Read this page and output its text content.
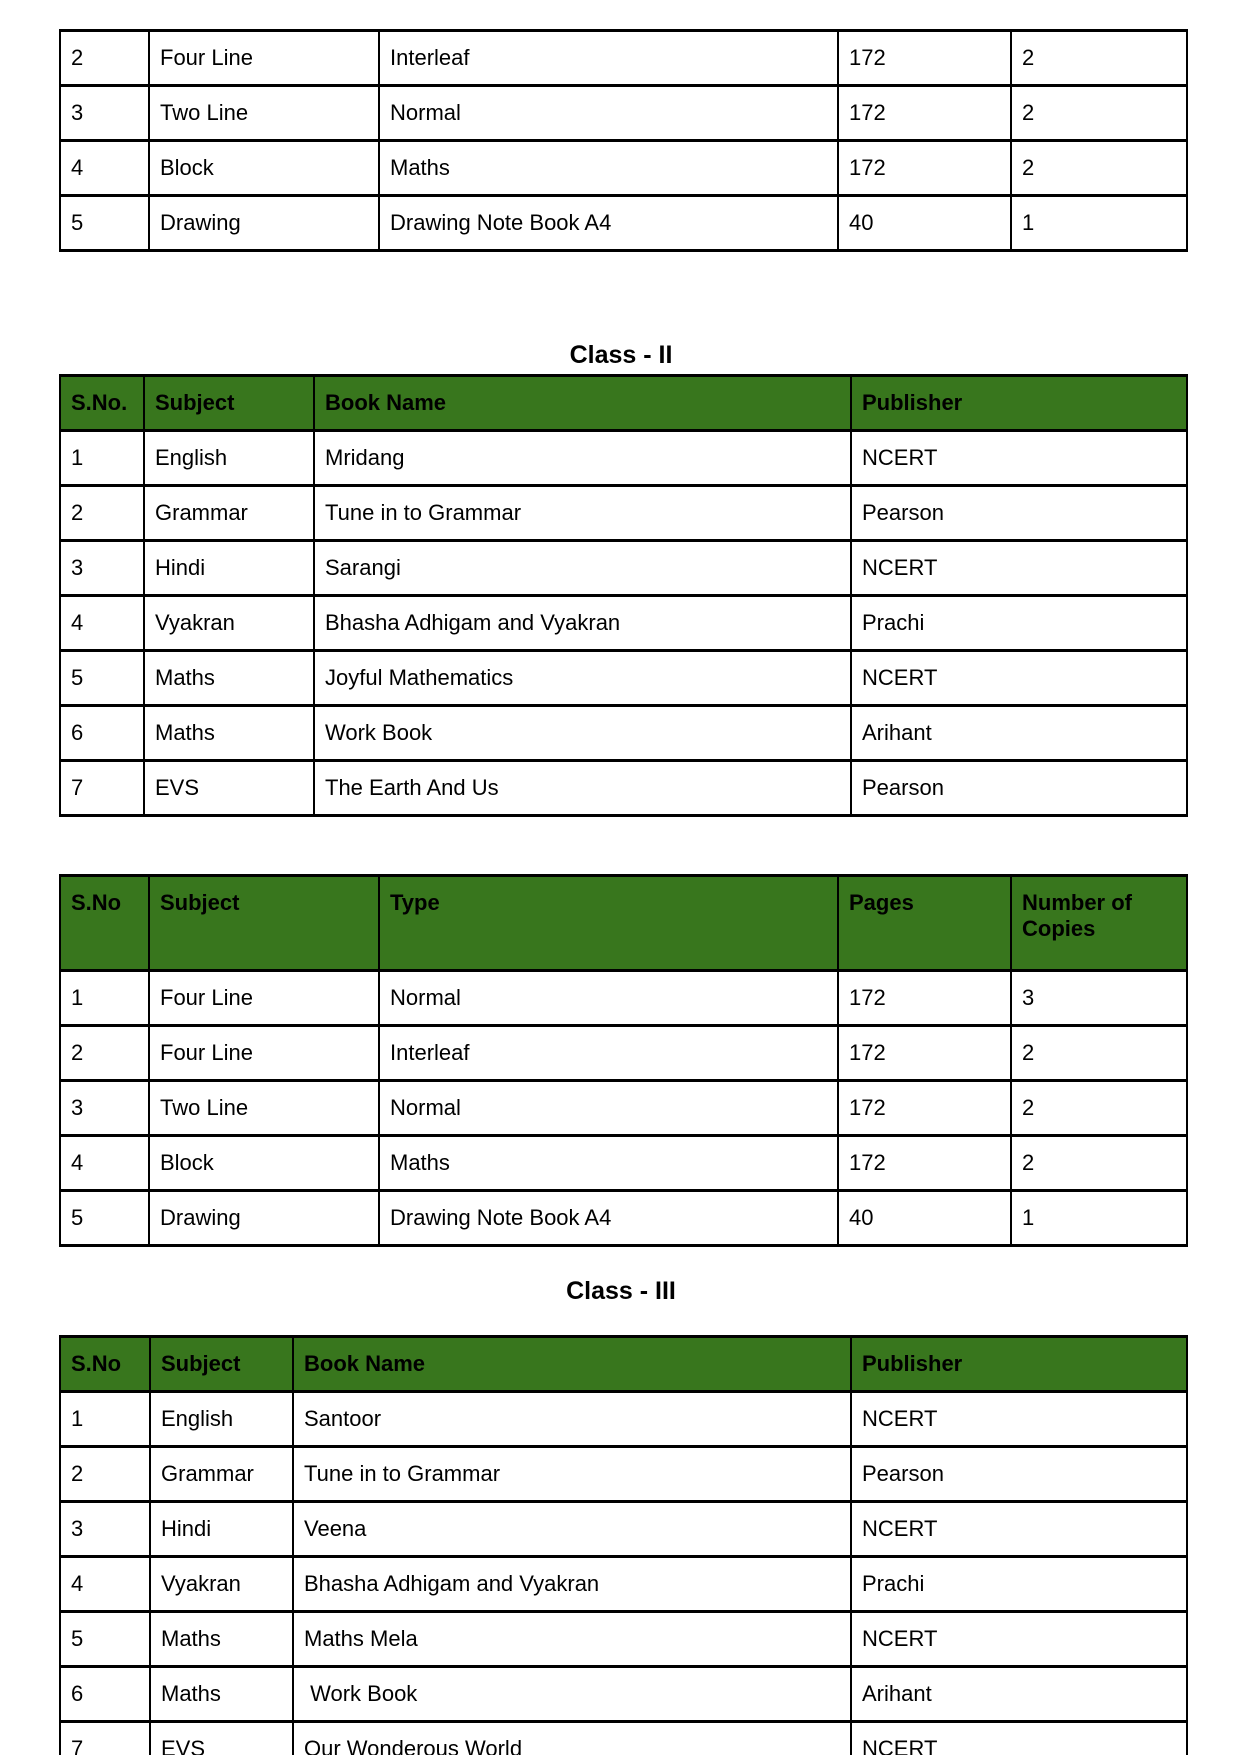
2	Four Line	Interleaf	172	2
3	Two Line	Normal	172	2
4	Block	Maths	172	2
5	Drawing	Drawing Note Book A4	40	1
Class - II
S.No.	Subject	Book Name	Publisher
1	English	Mridang	NCERT
2	Grammar	Tune in to Grammar	Pearson
3	Hindi	Sarangi	NCERT
4	Vyakran	Bhasha Adhigam and Vyakran	Prachi
5	Maths	Joyful Mathematics	NCERT
6	Maths	Work Book	Arihant
7	EVS	The Earth And Us	Pearson
S.No	Subject	Type	Pages	Number of Copies
1	Four Line	Normal	172	3
2	Four Line	Interleaf	172	2
3	Two Line	Normal	172	2
4	Block	Maths	172	2
5	Drawing	Drawing Note Book A4	40	1
Class - III
S.No	Subject	Book Name	Publisher
1	English	Santoor	NCERT
2	Grammar	Tune in to Grammar	Pearson
3	Hindi	Veena	NCERT
4	Vyakran	Bhasha Adhigam and Vyakran	Prachi
5	Maths	Maths Mela	NCERT
6	Maths	Work Book	Arihant
7	EVS	Our Wonderous World	NCERT
